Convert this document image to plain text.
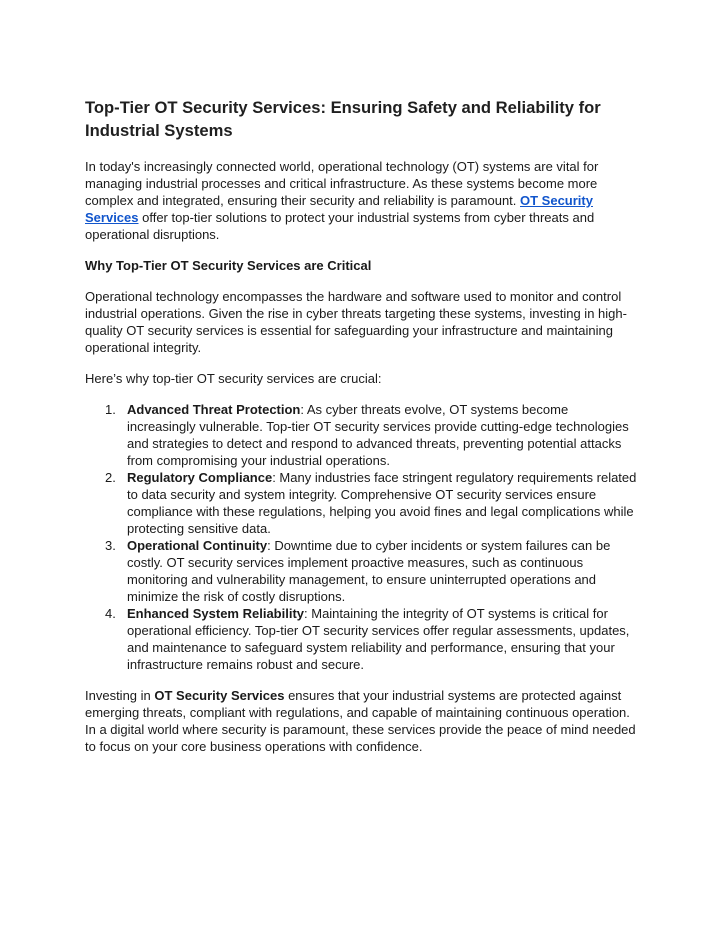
Top-Tier OT Security Services: Ensuring Safety and Reliability for Industrial Systems

In today's increasingly connected world, operational technology (OT) systems are vital for managing industrial processes and critical infrastructure. As these systems become more complex and integrated, ensuring their security and reliability is paramount. OT Security Services offer top-tier solutions to protect your industrial systems from cyber threats and operational disruptions.

Why Top-Tier OT Security Services are Critical

Operational technology encompasses the hardware and software used to monitor and control industrial operations. Given the rise in cyber threats targeting these systems, investing in high-quality OT security services is essential for safeguarding your infrastructure and maintaining operational integrity.

Here’s why top-tier OT security services are crucial:

1. Advanced Threat Protection: As cyber threats evolve, OT systems become increasingly vulnerable. Top-tier OT security services provide cutting-edge technologies and strategies to detect and respond to advanced threats, preventing potential attacks from compromising your industrial operations.
2. Regulatory Compliance: Many industries face stringent regulatory requirements related to data security and system integrity. Comprehensive OT security services ensure compliance with these regulations, helping you avoid fines and legal complications while protecting sensitive data.
3. Operational Continuity: Downtime due to cyber incidents or system failures can be costly. OT security services implement proactive measures, such as continuous monitoring and vulnerability management, to ensure uninterrupted operations and minimize the risk of costly disruptions.
4. Enhanced System Reliability: Maintaining the integrity of OT systems is critical for operational efficiency. Top-tier OT security services offer regular assessments, updates, and maintenance to safeguard system reliability and performance, ensuring that your infrastructure remains robust and secure.

Investing in OT Security Services ensures that your industrial systems are protected against emerging threats, compliant with regulations, and capable of maintaining continuous operation. In a digital world where security is paramount, these services provide the peace of mind needed to focus on your core business operations with confidence.
